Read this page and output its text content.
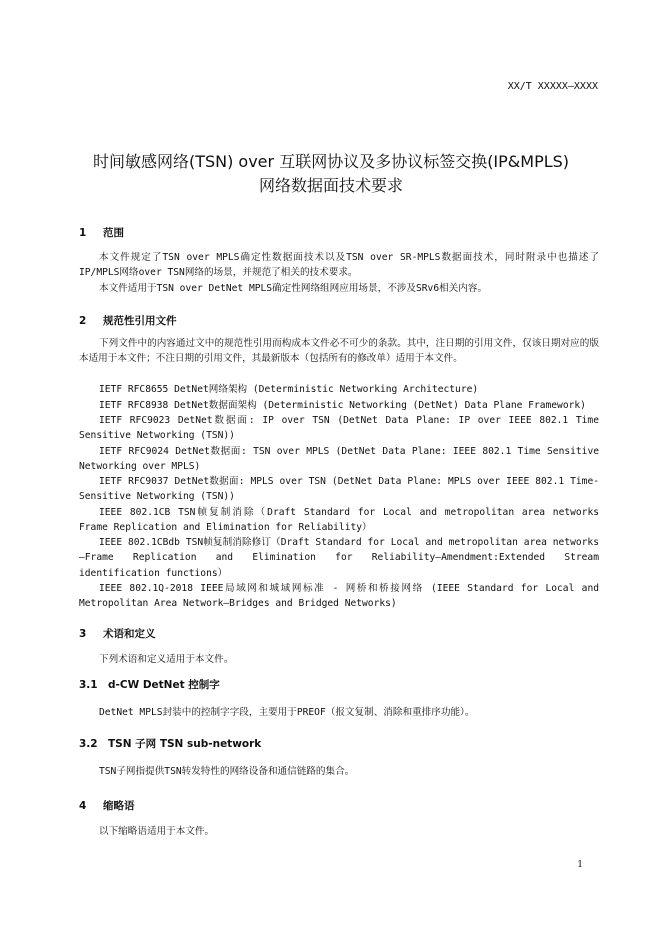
XX/T XXXXX—XXXX
时间敏感网络(TSN) over 互联网协议及多协议标签交换(IP&MPLS)
网络数据面技术要求
1 范围
本文件规定了TSN over MPLS确定性数据面技术以及TSN over SR-MPLS数据面技术，同时附录中也描述了IP/MPLS网络over TSN网络的场景，并规范了相关的技术要求。
本文件适用于TSN over DetNet MPLS确定性网络组网应用场景，不涉及SRv6相关内容。
2 规范性引用文件
下列文件中的内容通过文中的规范性引用而构成本文件必不可少的条款。其中，注日期的引用文件，仅该日期对应的版本适用于本文件；不注日期的引用文件，其最新版本（包括所有的修改单）适用于本文件。
IETF RFC8655 DetNet网络架构 (Deterministic Networking Architecture)
IETF RFC8938 DetNet数据面架构 (Deterministic Networking (DetNet) Data Plane Framework)
IETF RFC9023 DetNet数据面: IP over TSN (DetNet Data Plane: IP over IEEE 802.1 Time Sensitive Networking (TSN))
IETF RFC9024 DetNet数据面: TSN over MPLS (DetNet Data Plane: IEEE 802.1 Time Sensitive Networking over MPLS)
IETF RFC9037 DetNet数据面: MPLS over TSN (DetNet Data Plane: MPLS over IEEE 802.1 Time-Sensitive Networking (TSN))
IEEE 802.1CB TSN帧复制消除（Draft Standard for Local and metropolitan area networks Frame Replication and Elimination for Reliability）
IEEE 802.1CBdb TSN帧复制消除修订（Draft Standard for Local and metropolitan area networks —Frame Replication and Elimination for Reliability—Amendment:Extended Stream identification functions）
IEEE 802.1Q-2018 IEEE局域网和城域网标准 - 网桥和桥接网络 (IEEE Standard for Local and Metropolitan Area Network—Bridges and Bridged Networks)
3 术语和定义
下列术语和定义适用于本文件。
3.1 d-CW DetNet 控制字
DetNet MPLS封装中的控制字字段，主要用于PREOF（报文复制、消除和重排序功能）。
3.2 TSN 子网 TSN sub-network
TSN子网指提供TSN转发特性的网络设备和通信链路的集合。
4 缩略语
以下缩略语适用于本文件。
1
